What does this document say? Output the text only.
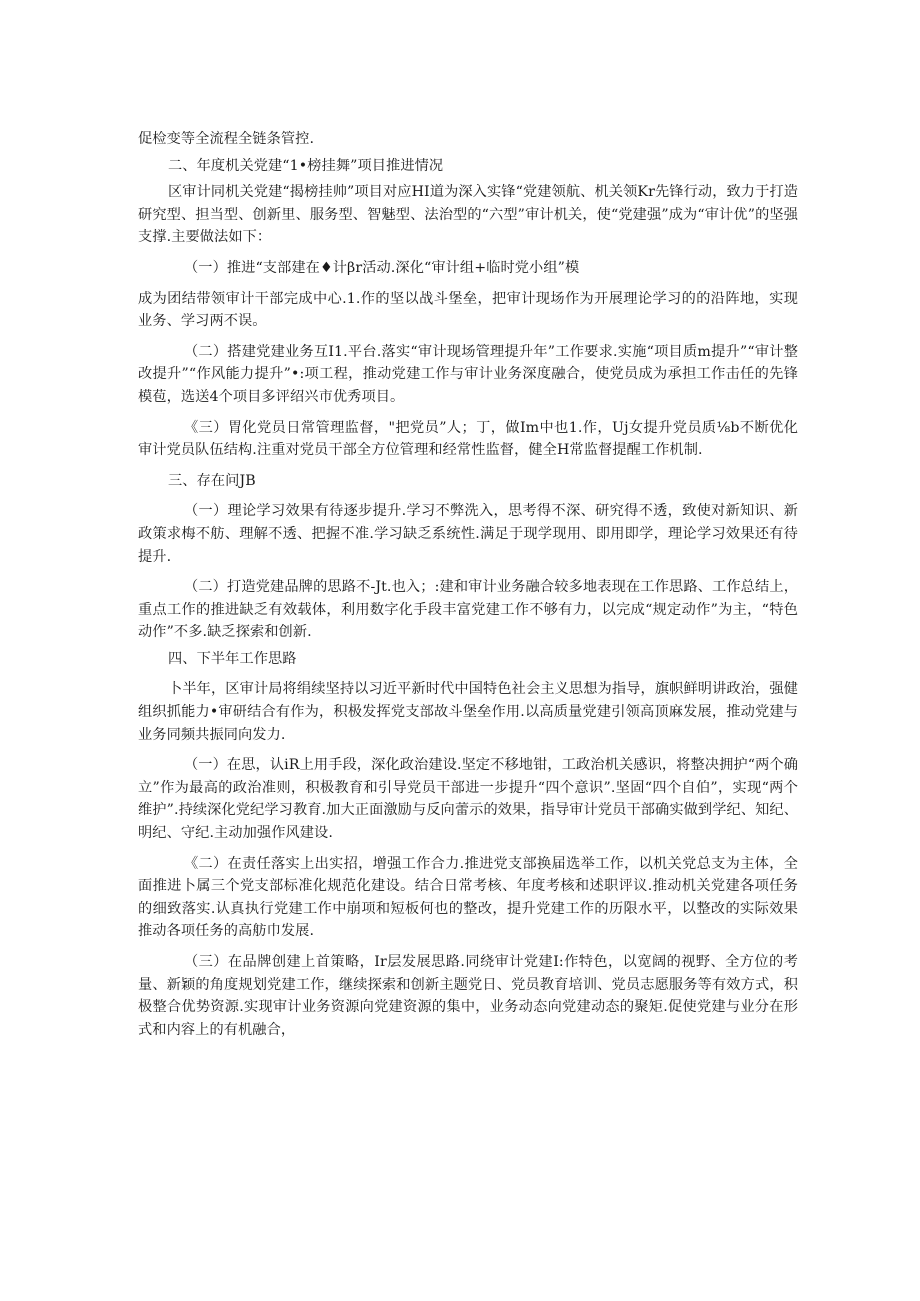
促检变等全流程全链条管控.

二、年度机关党建“1•榜挂舞”项目推进情况

区审计同机关党建“揭榜挂帅”项目对应HI道为深入实锋“党建领航、机关领Kr先锋行动，致力于打造研究型、担当型、创新里、服务型、智魅型、法治型的“六型”审计机关，使“党建强”成为“审计优”的坚强支撑.主要做法如下：

（一）推进“支部建在♦计βr活动.深化“审计组+临时党小组”模

成为团结带领审计干部完成中心.1.作的坚以战斗堡垒，把审计现场作为开展理论学习的的沿阵地，实现业务、学习两不误。

（二）搭建党建业务互I1.平台.落实“审计现场管理提升年”工作要求.实施“项目质m提升”“审计整改提升”“作风能力提升”•:项工程，推动党建工作与审计业务深度融合，使党员成为承担工作击任的先锋模苞，选送4个项目多评绍兴市优秀项目。

《三）胃化党员日常管理监督，"把党员”人；丁，做Im中也1.作，Uj女提升党员质⅛b不断优化审计党员队伍结构.注重对党员干部全方位管理和经常性监督，健全H常监督提醒工作机制.

三、存在问JB

（一）理论学习效果有待逐步提升.学习不弊洗入，思考得不深、研究得不透，致使对新知识、新政策求梅不舫、理解不透、把握不准.学习缺乏系统性.满足于现学现用、即用即学，理论学习效果还有待提升.

（二）打造党建品牌的思路不-Jt.也入；:建和审计业务融合较多地表现在工作思路、工作总结上，重点工作的推进缺乏有效载体，利用数字化手段丰富党建工作不够有力，以完成“规定动作”为主，“特色动作”不多.缺乏探索和创新.

四、下半年工作思路

卜半年，区审计局将绢续坚持以习近平新时代中国特色社会主义思想为指导，旗帜鲜明讲政治，强健组织抓能力•审研结合有作为，积极发挥党支部故斗堡垒作用.以高质量党建引领高顶麻发展，推动党建与业务同频共振同向发力.

（一）在思，认iR上用手段，深化政治建设.坚定不移地钳，工政治机关感识，将整决拥护“两个确立”作为最高的政治准则，积极教育和引导党员干部进一步提升“四个意识”.坚固“四个自伯”，实现“两个维护”.持续深化党纪学习教育.加大正面激励与反向蕾示的效果，指导审计党员干部确实做到学纪、知纪、明纪、守纪.主动加强作风建设.

《二）在责任落实上出实招，增强工作合力.推进党支部换届选举工作，以机关党总支为主体，全面推进卜属三个党支部标准化规范化建设。结合日常考核、年度考核和述职评议.推动机关党建各项任务的细致落实.认真执行党建工作中崩项和短板何也的整改，提升党建工作的历限水平，以整改的实际效果推动各项任务的高舫巾发展.

（三）在品牌创建上首策略，Ir层发展思路.同绕审计党建I:作特色，以宽阔的视野、全方位的考量、新颖的角度规划党建工作，继续探索和创新主题党日、党员教育培训、党员志愿服务等有效方式，积极整合优势资源.实现审计业务资源向党建资源的集中，业务动态向党建动态的聚矩.促使党建与业分在形式和内容上的有机融合，
